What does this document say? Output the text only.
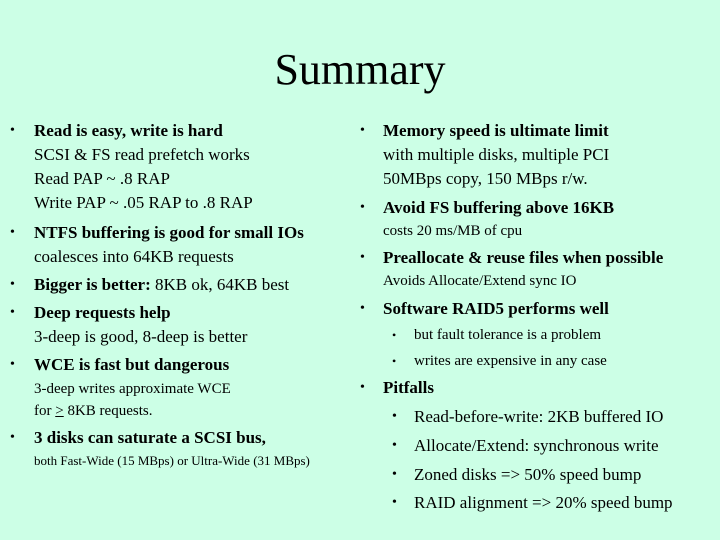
Summary
• Read is easy, write is hard
SCSI & FS read prefetch works
Read PAP ~ .8 RAP
Write PAP ~ .05 RAP to .8 RAP
• NTFS buffering is good for small IOs
coalesces into 64KB requests
• Bigger is better: 8KB ok, 64KB best
• Deep requests help
3-deep is good, 8-deep is better
• WCE is fast but dangerous
3-deep writes approximate WCE
for > 8KB requests.
• 3 disks can saturate a SCSI bus,
both Fast-Wide (15 MBps) or Ultra-Wide (31 MBps)
• Memory speed is ultimate limit
with multiple disks, multiple PCI
50MBps copy, 150 MBps r/w.
• Avoid FS buffering above 16KB
costs 20 ms/MB of cpu
• Preallocate & reuse files when possible
Avoids Allocate/Extend sync IO
• Software RAID5 performs well
• but fault tolerance is a problem
• writes are expensive in any case
• Pitfalls
• Read-before-write: 2KB buffered IO
• Allocate/Extend: synchronous write
• Zoned disks => 50% speed bump
• RAID alignment => 20% speed bump
